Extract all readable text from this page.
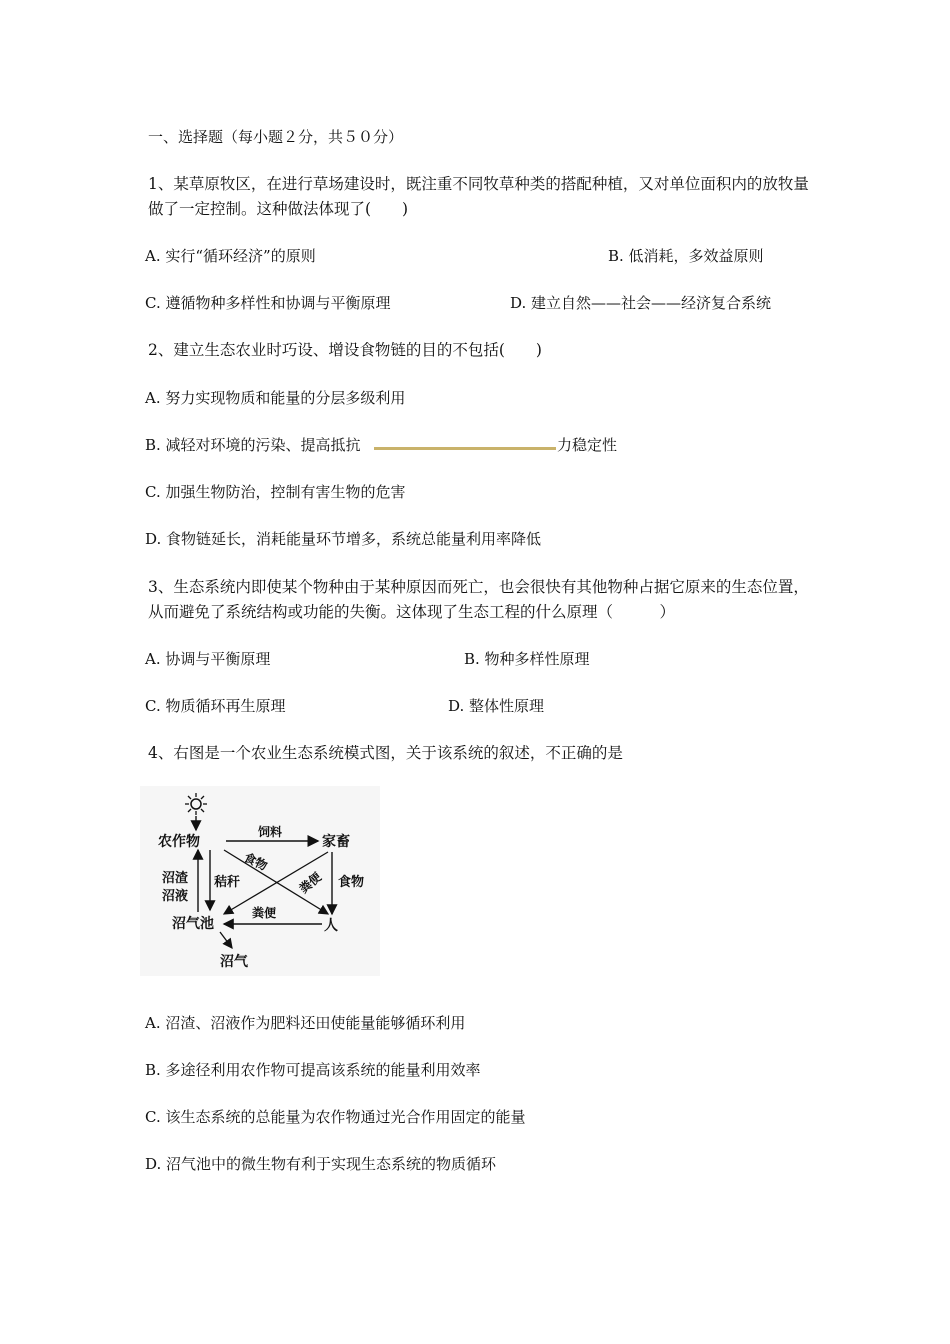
一、选择题（每小题２分，共５０分）
1、某草原牧区，在进行草场建设时，既注重不同牧草种类的搭配种植，又对单位面积内的放牧量
做了一定控制。这种做法体现了(　　)
A. 实行“循环经济”的原则	B. 低消耗，多效益原则
C. 遵循物种多样性和协调与平衡原理	D. 建立自然——社会——经济复合系统
2、建立生态农业时巧设、增设食物链的目的不包括(　　)
A. 努力实现物质和能量的分层多级利用
B. 减轻对环境的污染、提高抵抗	力稳定性
C. 加强生物防治，控制有害生物的危害
D. 食物链延长，消耗能量环节增多，系统总能量利用率降低
3、生态系统内即使某个物种由于某种原因而死亡，也会很快有其他物种占据它原来的生态位置，
从而避免了系统结构或功能的失衡。这体现了生态工程的什么原理（　　　）
A. 协调与平衡原理	B. 物种多样性原理
C. 物质循环再生原理	D. 整体性原理
4、右图是一个农业生态系统模式图，关于该系统的叙述，不正确的是
农作物	家畜
沼气池	人
沼气
饲料
食物
粪便 食物
粪便
秸秆
沼渣
沼液
A. 沼渣、沼液作为肥料还田使能量能够循环利用
B. 多途径利用农作物可提高该系统的能量利用效率
C. 该生态系统的总能量为农作物通过光合作用固定的能量
D. 沼气池中的微生物有利于实现生态系统的物质循环
